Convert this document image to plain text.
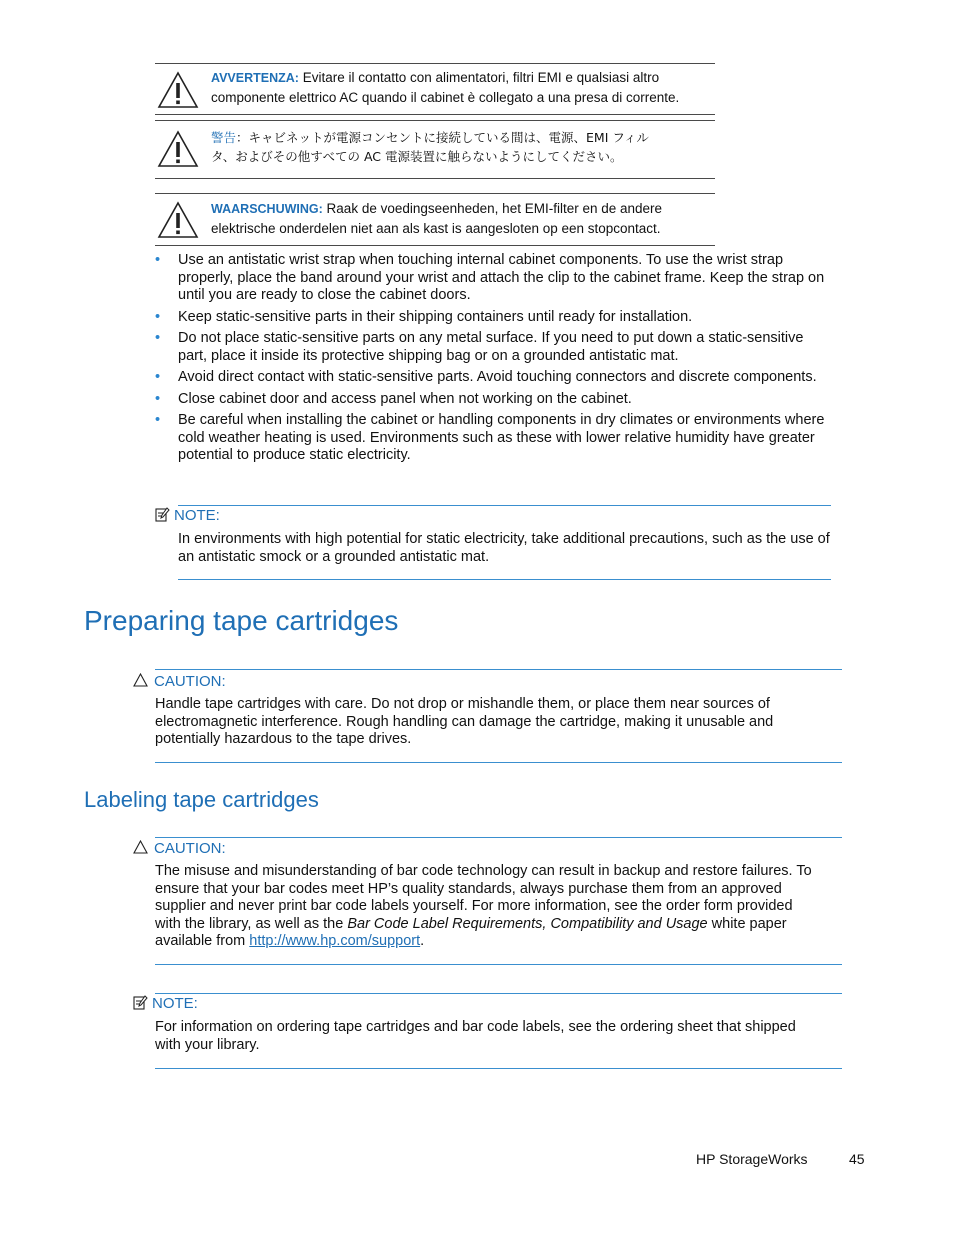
AVVERTENZA: Evitare il contatto con alimentatori, filtri EMI e qualsiasi altro
componente elettrico AC quando il cabinet è collegato a una presa di corrente.
警告：キャビネットが電源コンセントに接続している間は、電源、EMI フィル
タ、およびその他すべての AC 電源装置に触らないようにしてください。
WAARSCHUWING: Raak de voedingseenheden, het EMI-filter en de andere
elektrische onderdelen niet aan als kast is aangesloten op een stopcontact.
• Use an antistatic wrist strap when touching internal cabinet components. To use the wrist strap properly, place the band around your wrist and attach the clip to the cabinet frame. Keep the strap on until you are ready to close the cabinet doors.
• Keep static-sensitive parts in their shipping containers until ready for installation.
• Do not place static-sensitive parts on any metal surface. If you need to put down a static-sensitive part, place it inside its protective shipping bag or on a grounded antistatic mat.
• Avoid direct contact with static-sensitive parts. Avoid touching connectors and discrete components.
• Close cabinet door and access panel when not working on the cabinet.
• Be careful when installing the cabinet or handling components in dry climates or environments where cold weather heating is used. Environments such as these with lower relative humidity have greater potential to produce static electricity.
NOTE:
In environments with high potential for static electricity, take additional precautions, such as the use of an antistatic smock or a grounded antistatic mat.
Preparing tape cartridges
CAUTION:
Handle tape cartridges with care. Do not drop or mishandle them, or place them near sources of electromagnetic interference. Rough handling can damage the cartridge, making it unusable and potentially hazardous to the tape drives.
Labeling tape cartridges
CAUTION:
The misuse and misunderstanding of bar code technology can result in backup and restore failures. To ensure that your bar codes meet HP’s quality standards, always purchase them from an approved supplier and never print bar code labels yourself. For more information, see the order form provided with the library, as well as the Bar Code Label Requirements, Compatibility and Usage white paper available from http://www.hp.com/support.
NOTE:
For information on ordering tape cartridges and bar code labels, see the ordering sheet that shipped with your library.
HP StorageWorks	45
